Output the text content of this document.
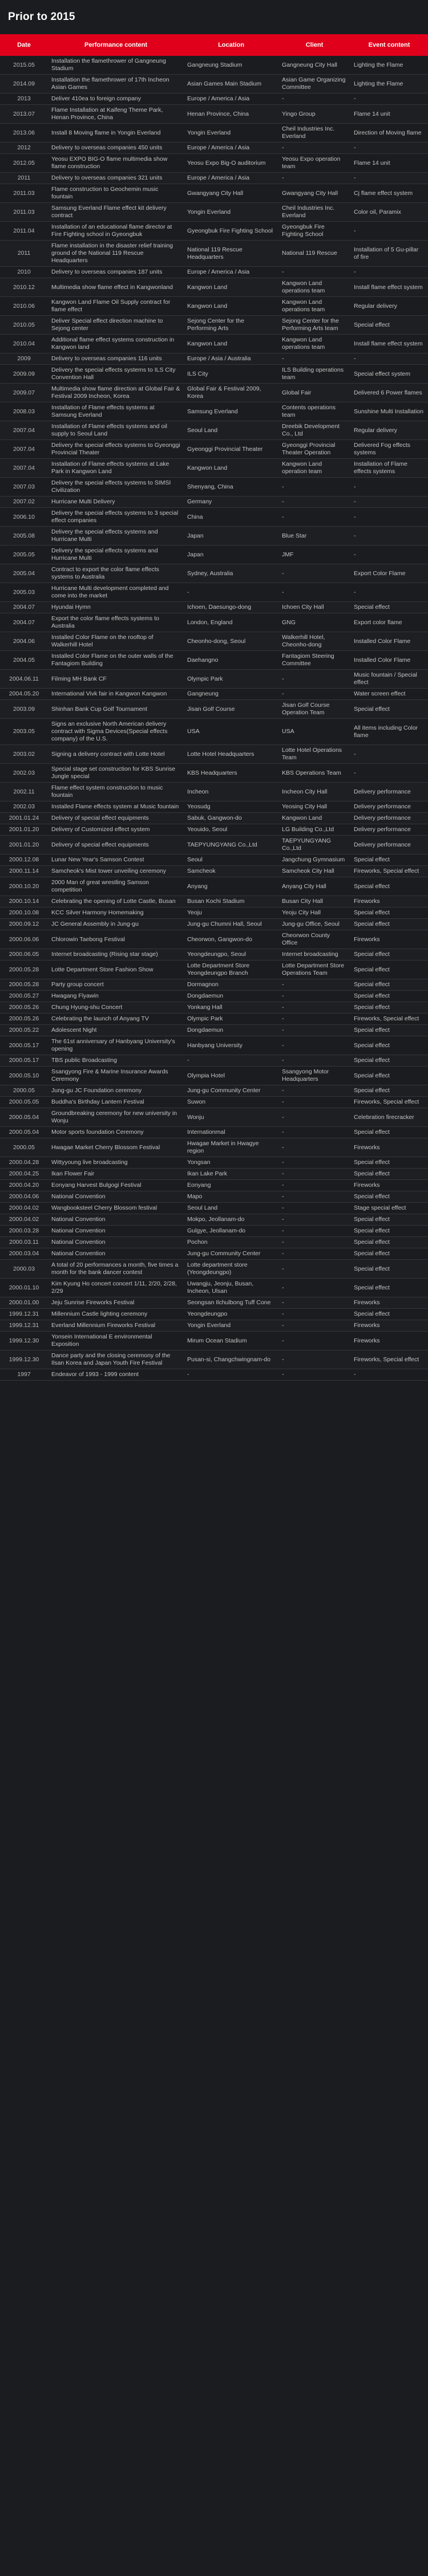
Prior to 2015
Date	Performance content	Location	Client	Event content
2015.05	Installation the flamethrower of Gangneung Stadium	Gangneung Stadium	Gangneung City Hall	Lighting the Flame
2014.09	Installation the flamethrower of 17th Incheon Asian Games	Asian Games Main Stadium	Asian Game Organizing Committee	Lighting the Flame
2013	Deliver 410ea to foreign company	Europe / America / Asia	-	-
2013.07	Flame Installation at Kaifeng Theme Park, Henan Province, China	Henan Province, China	Yingo Group	Flame 14 unit
2013.06	Install 8 Moving flame in Yongin Everland	Yongin Everland	Cheil Industries Inc. Everland	Direction of Moving flame
2012	Delivery to overseas companies 450 units	Europe / America / Asia	-	-
2012.05	Yeosu EXPO BIG-O flame multimedia show flame construction	Yeosu Expo Big-O auditorium	Yeosu Expo operation team	Flame 14 unit
2011	Delivery to overseas companies 321 units	Europe / America / Asia	-	-
2011.03	Flame construction to Geochemin music fountain	Gwangyang City Hall	Gwangyang City Hall	Cj flame effect system
2011.03	Samsung Everland Flame effect kit delivery contract	Yongin Everland	Cheil Industries Inc. Everland	Color oil, Paramix
2011.04	Installation of an educational flame director at Fire Fighting school in Gyeongbuk	Gyeongbuk Fire Fighting School	Gyeongbuk Fire Fighting School	-
2011	Flame installation in the disaster relief training ground of the National 119 Rescue Headquarters	National 119 Rescue Headquarters	National 119 Rescue	Installation of 5 Gu-pillar of fire
2010	Delivery to overseas companies 187 units	Europe / America / Asia	-	-
2010.12	Multimedia show flame effect in Kangwonland	Kangwon Land	Kangwon Land operations team	Install flame effect system
2010.06	Kangwon Land Flame Oil Supply contract for flame effect	Kangwon Land	Kangwon Land operations team	Regular delivery
2010.05	Deliver Special effect direction machine to Sejong center	Sejong Center for the Performing Arts	Sejong Center for the Performing Arts team	Special effect
2010.04	Additional flame effect systems construction in Kangwon land	Kangwon Land	Kangwon Land operations team	Install flame effect system
2009	Delivery to overseas companies 116 units	Europe / Asia / Australia	-	-
2009.09	Delivery the special effects systems to ILS City Convention Hall	ILS City	ILS Building operations team	Special effect system
2009.07	Multimedia show flame direction at Global Fair & Festival 2009 Incheon, Korea	Global Fair & Festival 2009, Korea	Global Fair	Delivered 6 Power flames
2008.03	Installation of Flame effects systems at Samsung Everland	Samsung Everland	Contents operations team	Sunshine Multi Installation
2007.04	Installation of Flame effects systems and oil supply to Seoul Land	Seoul Land	Dreebik Development Co., Ltd	Regular delivery
2007.04	Delivery the special effects systems to Gyeonggi Provincial Theater	Gyeonggi Provincial Theater	Gyeonggi Provincial Theater Operation	Delivered Fog effects systems
2007.04	Installation of Flame effects systems at Lake Park in Kangwon Land	Kangwon Land	Kangwon Land operation team	Installation of Flame effects systems
2007.03	Delivery the special effects systems to SIMSI Civilization	Shenyang, China	-	-
2007.02	Hurricane Multi Delivery	Germany	-	-
2006.10	Delivery the special effects systems to 3 special effect companies	China	-	-
2005.08	Delivery the special effects systems and Hurricane Multi	Japan	Blue Star	-
2005.05	Delivery the special effects systems and Hurricane Multi	Japan	JMF	-
2005.04	Contract to export the color flame effects systems to Australia	Sydney, Australia	-	Export Color Flame
2005.03	Hurricane Multi development completed and come into the market	-	-	-
2004.07	Hyundai Hymn	Ichoen, Daesungo-dong	Ichoen City Hall	Special effect
2004.07	Export the color flame effects systems to Australia	London, England	GNG	Export color flame
2004.06	Installed Color Flame on the rooftop of Walkerhill Hotel	Cheonho-dong, Seoul	Walkerhill Hotel, Cheonho-dong	Installed Color Flame
2004.05	Installed Color Flame on the outer walls of the Fantagiom Building	Daehangno	Fantagiom Steering Committee	Installed Color Flame
2004.06.11	Filming MH Bank CF	Olympic Park	-	Music fountain / Special effect
2004.05.20	International Vivk fair in Kangwon Kangwon	Gangneung	-	Water screen effect
2003.09	Shinhan Bank Cup Golf Tournament	Jisan Golf Course	Jisan Golf Course Operation Team	Special effect
2003.05	Signs an exclusive North American delivery contract with Sigma Devices(Special effects company) of the U.S.	USA	USA	All items including Color flame
2003.02	Signing a delivery contract with Lotte Hotel	Lotte Hotel Headquarters	Lotte Hotel Operations Team	-
2002.03	Special stage set construction for KBS Sunrise Jungle special	KBS Headquarters	KBS Operations Team	-
2002.11	Flame effect system construction to music fountain	Incheon	Incheon City Hall	Delivery performance
2002.03	Installed Flame effects system at Music fountain	Yeosudg	Yeosing City Hall	Delivery performance
2001.01.24	Delivery of special effect equipments	Sabuk, Gangwon-do	Kangwon Land	Delivery performance
2001.01.20	Delivery of Customized effect system	Yeouido, Seoul	LG Building Co.,Ltd	Delivery performance
2001.01.20	Delivery of special effect equipments	TAEPYUNGYANG Co.,Ltd	TAEPYUNGYANG Co.,Ltd	Delivery performance
2000.12.08	Lunar New Year's Samson Contest	Seoul	Jangchung Gymnasium	Special effect
2000.11.14	Samcheok's Mist tower unveiling ceremony	Samcheok	Samcheok City Hall	Fireworks, Special effect
2000.10.20	2000 Man of great wrestling Samson competition	Anyang	Anyang City Hall	Special effect
2000.10.14	Celebrating the opening of Lotte Castle, Busan	Busan Kochi Stadium	Busan City Hall	Fireworks
2000.10.08	KCC Silver Harmony Homemaking	Yeoju	Yeoju City Hall	Special effect
2000.09.12	JC General Assembly in Jung-gu	Jung-gu Chumni Hall, Seoul	Jung-gu Office, Seoul	Special effect
2000.06.06	Chlorowin Taebong Festival	Cheorwon, Gangwon-do	Cheorwon County Office	Fireworks
2000.06.05	Internet broadcasting (Rising star stage)	Yeongdeungpo, Seoul	Internet broadcasting	Special effect
2000.05.28	Lotte Department Store Fashion Show	Lotte Department Store Yeongdeungpo Branch	Lotte Department Store Operations Team	Special effect
2000.05.28	Party group concert	Dormagnon	-	Special effect
2000.05.27	Hwagang Flyawin	Dongdaemun	-	Special effect
2000.05.26	Chung Hyung-shu Concert	Yonkang Hall	-	Special effect
2000.05.26	Celebrating the launch of Anyang TV	Olympic Park	-	Fireworks, Special effect
2000.05.22	Adolescent Night	Dongdaemun	-	Special effect
2000.05.17	The 61st anniversary of Hanbyang University's opening	Hanbyang University	-	Special effect
2000.05.17	TBS public Broadcasting	-	-	Special effect
2000.05.10	Ssangyong Fire & Marine Insurance Awards Ceremony	Olympia Hotel	Ssangyong Motor Headquarters	Special effect
2000.05	Jung-gu JC Foundation ceremony	Jung-gu Community Center	-	Special effect
2000.05.05	Buddha's Birthday Lantern Festival	Suwon	-	Fireworks, Special effect
2000.05.04	Groundbreaking ceremony for new university in Wonju	Wonju	-	Celebration firecracker
2000.05.04	Motor sports foundation Ceremony	Internationmal	-	Special effect
2000.05	Hwagae Market Cherry Blossom Festival	Hwagae Market in Hwagye region	-	Fireworks
2000.04.28	Wittyyoung live broadcasting	Yongsan	-	Special effect
2000.04.25	Ikan Flower Fair	Ikan Lake Park	-	Special effect
2000.04.20	Eonyang Harvest Bulgogi Festival	Eonyang	-	Fireworks
2000.04.06	National Convention	Mapo	-	Special effect
2000.04.02	Wangbooksteel Cherry Blossom festival	Seoul Land	-	Stage special effect
2000.04.02	National Convention	Mokpo, Jeollanam-do	-	Special effect
2000.03.28	National Convention	Gulgye, Jeollanam-do	-	Special effect
2000.03.11	National Convention	Pochon	-	Special effect
2000.03.04	National Convention	Jung-gu Community Center	-	Special effect
2000.03	A total of 20 performances a month, five times a month for the bank dancer contest	Lotte department store (Yeongdeungpo)	-	Special effect
2000.01.10	Kim Kyung Ho concert concert 1/11, 2/20, 2/28, 2/29	Uwangju, Jeonju, Busan, Incheon, Ulsan	-	Special effect
2000.01.00	Jeju Sunrise Fireworks Festival	Seongsan Ilchulbong Tuff Cone	-	Fireworks
1999.12.31	Millennium Castle lighting ceremony	Yeongdeungpo	-	Special effect
1999.12.31	Everland Millennium Fireworks Festival	Yongin Everland	-	Fireworks
1999.12.30	Yonsein International E environmental Exposition	Mirum Ocean Stadium	-	Fireworks
1999.12.30	Dance party and the closing ceremony of the Ilsan Korea and Japan Youth Fire Festival	Pusan-si, Changchwingnam-do	-	Fireworks, Special effect
1997	Endeavor of 1993 - 1999 content	-	-	-
